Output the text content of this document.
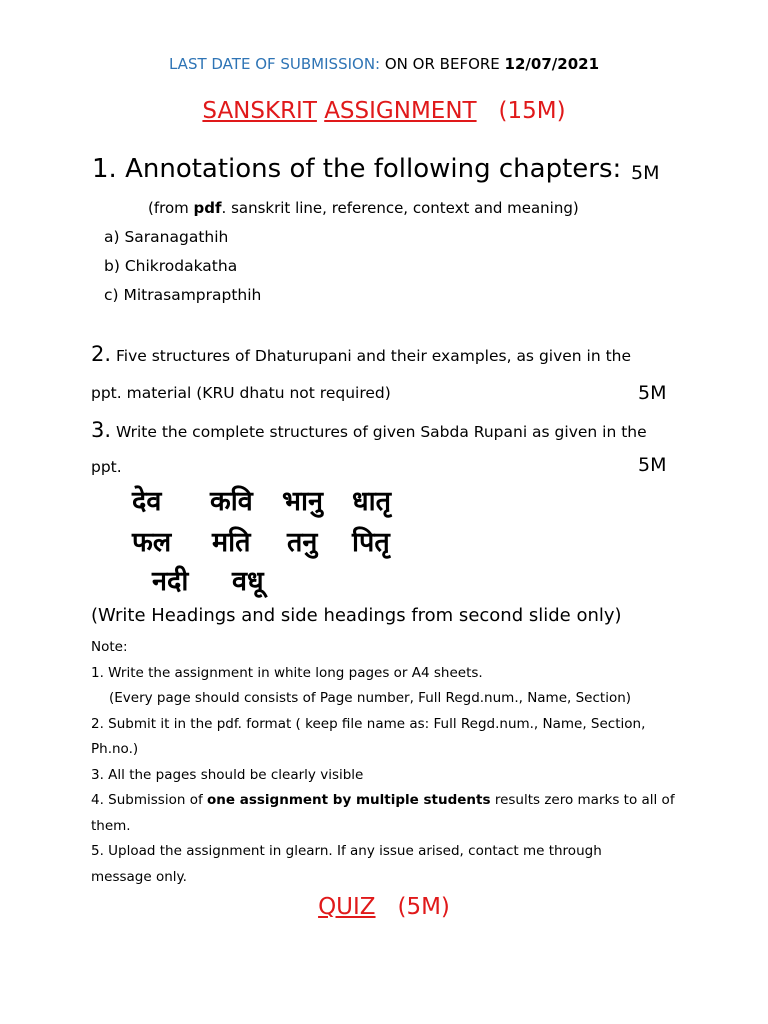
LAST DATE OF SUBMISSION: ON OR BEFORE 12/07/2021
SANSKRIT ASSIGNMENT (15M)
1. Annotations of the following chapters: 5M
(from pdf. sanskrit line, reference, context and meaning)
a) Saranagathih
b) Chikrodakatha
c) Mitrasamprapthih
2. Five structures of Dhaturupani and their examples, as given in the
ppt. material (KRU dhatu not required)	5M
3. Write the complete structures of given Sabda Rupani as given in the
ppt.	5M
देव कवि भानु धातृ
फल मति तनु पितृ
नदी वधू
(Write Headings and side headings from second slide only)
Note:
1. Write the assignment in white long pages or A4 sheets.
(Every page should consists of Page number, Full Regd.num., Name, Section)
2. Submit it in the pdf. format ( keep file name as: Full Regd.num., Name, Section,
Ph.no.)
3. All the pages should be clearly visible
4. Submission of one assignment by multiple students results zero marks to all of
them.
5. Upload the assignment in glearn. If any issue arised, contact me through
message only.
QUIZ (5M)
